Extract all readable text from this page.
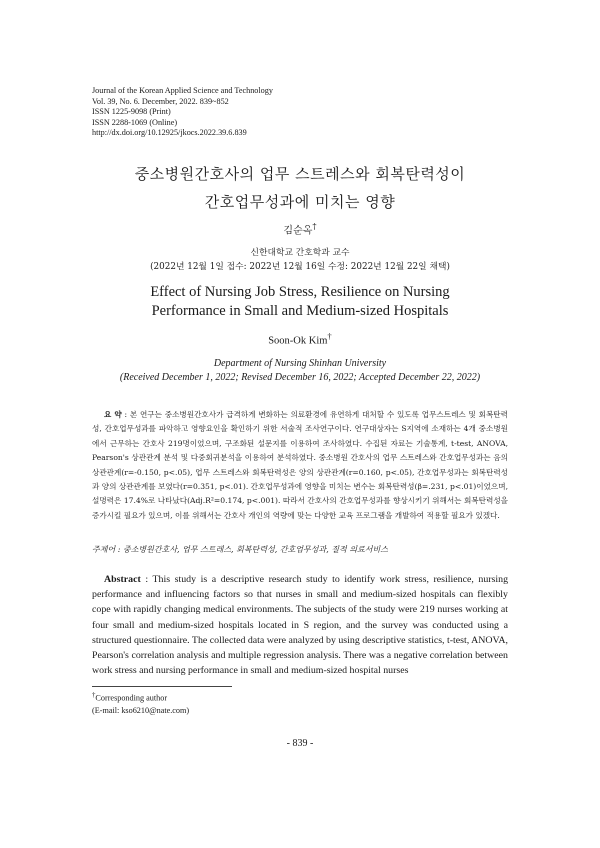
Journal of the Korean Applied Science and Technology
Vol. 39, No. 6. December, 2022. 839~852
ISSN 1225-9098 (Print)
ISSN 2288-1069 (Online)
http://dx.doi.org/10.12925/jkocs.2022.39.6.839
중소병원간호사의 업무 스트레스와 회복탄력성이
간호업무성과에 미치는 영향
김순옥†
신한대학교 간호학과 교수
(2022년 12월 1일 접수: 2022년 12월 16일 수정: 2022년 12월 22일 채택)
Effect of Nursing Job Stress, Resilience on Nursing
Performance in Small and Medium-sized Hospitals
Soon-Ok Kim†
Department of Nursing Shinhan University
(Received December 1, 2022; Revised December 16, 2022; Accepted December 22, 2022)
요 약 : 본 연구는 중소병원간호사가 급격하게 변화하는 의료환경에 유연하게 대처할 수 있도록 업무스트레스 및 회복탄력성, 간호업무성과를 파악하고 영향요인을 확인하기 위한 서술적 조사연구이다. 연구대상자는 S지역에 소재하는 4개 중소병원에서 근무하는 간호사 219명이었으며, 구조화된 설문지를 이용하여 조사하였다. 수집된 자료는 기술통계, t-test, ANOVA, Pearson's 상관관계 분석 및 다중회귀분석을 이용하여 분석하였다. 중소병원 간호사의 업무 스트레스와 간호업무성과는 음의 상관관계(r=-0.150, p<.05), 업무 스트레스와 회복탄력성은 양의 상관관계(r=0.160, p<.05), 간호업무성과는 회복탄력성과 양의 상관관계를 보였다(r=0.351, p<.01). 간호업무성과에 영향을 미치는 변수는 회복탄력성(β=.231, p<.01)이었으며, 설명력은 17.4%로 나타났다(Adj.R²=0.174, p<.001). 따라서 간호사의 간호업무성과를 향상시키기 위해서는 회복탄력성을 증가시킬 필요가 있으며, 이를 위해서는 간호사 개인의 역량에 맞는 다양한 교육 프로그램을 개발하여 적용할 필요가 있겠다.
주제어 : 중소병원간호사, 업무 스트레스, 회복탄력성, 간호업무성과, 질적 의료서비스
Abstract : This study is a descriptive research study to identify work stress, resilience, nursing performance and influencing factors so that nurses in small and medium-sized hospitals can flexibly cope with rapidly changing medical environments. The subjects of the study were 219 nurses working at four small and medium-sized hospitals located in S region, and the survey was conducted using a structured questionnaire. The collected data were analyzed by using descriptive statistics, t-test, ANOVA, Pearson's correlation analysis and multiple regression analysis. There was a negative correlation between work stress and nursing performance in small and medium-sized hospital nurses
†Corresponding author
(E-mail: kso6210@nate.com)
- 839 -
